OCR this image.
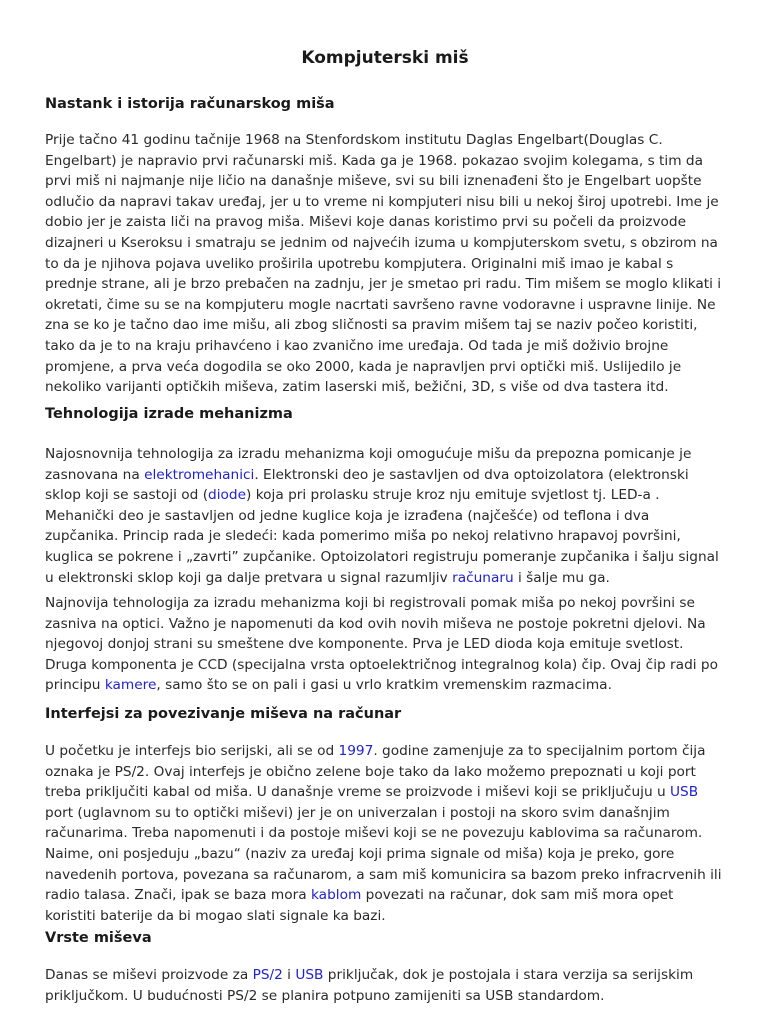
Kompjuterski miš
Nastank i istorija računarskog miša

Prije tačno 41 godinu tačnije 1968 na Stenfordskom institutu Daglas Engelbart(Douglas C. Engelbart) je napravio prvi računarski miš. Kada ga je 1968. pokazao svojim kolegama, s tim da prvi miš ni najmanje nije ličio na današnje miševe, svi su bili iznenađeni što je Engelbart uopšte odlučio da napravi takav uređaj, jer u to vreme ni kompjuteri nisu bili u nekoj široj upotrebi. Ime je dobio jer je zaista liči na pravog miša. Miševi koje danas koristimo prvi su počeli da proizvode dizajneri u Kseroksu i smatraju se jednim od najvećih izuma u kompjuterskom svetu, s obzirom na to da je njihova pojava uveliko proširila upotrebu kompjutera. Originalni miš imao je kabal s prednje strane, ali je brzo prebačen na zadnju, jer je smetao pri radu. Tim mišem se moglo klikati i okretati, čime su se na kompjuteru mogle nacrtati savršeno ravne vodoravne i uspravne linije. Ne zna se ko je tačno dao ime mišu, ali zbog sličnosti sa pravim mišem taj se naziv počeo koristiti, tako da je to na kraju prihavćeno i kao zvanično ime uređaja. Od tada je miš doživio brojne promjene, a prva veća dogodila se oko 2000, kada je napravljen prvi optički miš. Uslijedilo je nekoliko varijanti optičkih miševa, zatim laserski miš, bežični, 3D, s više od dva tastera itd.

Tehnologija izrade mehanizma

Najosnovnija tehnologija za izradu mehanizma koji omogućuje mišu da prepozna pomicanje je zasnovana na elektromehanici. Elektronski deo je sastavljen od dva optoizolatora (elektronski sklop koji se sastoji od (diode) koja pri prolasku struje kroz nju emituje svjetlost tj. LED-a . Mehanički deo je sastavljen od jedne kuglice koja je izrađena (najčešće) od teflona i dva zupčanika. Princip rada je sledeći: kada pomerimo miša po nekoj relativno hrapavoj površini, kuglica se pokrene i „zavrti” zupčanike. Optoizolatori registruju pomeranje zupčanika i šalju signal u elektronski sklop koji ga dalje pretvara u signal razumljiv računaru i šalje mu ga.

Najnovija tehnologija za izradu mehanizma koji bi registrovali pomak miša po nekoj površini se zasniva na optici. Važno je napomenuti da kod ovih novih miševa ne postoje pokretni djelovi. Na njegovoj donjoj strani su smeštene dve komponente. Prva je LED dioda koja emituje svetlost. Druga komponenta je CCD (specijalna vrsta optoelektričnog integralnog kola) čip. Ovaj čip radi po principu kamere, samo što se on pali i gasi u vrlo kratkim vremenskim razmacima.

Interfejsi za povezivanje miševa na računar

U početku je interfejs bio serijski, ali se od 1997. godine zamenjuje za to specijalnim portom čija oznaka je PS/2. Ovaj interfejs je obično zelene boje tako da lako možemo prepoznati u koji port treba priključiti kabal od miša. U današnje vreme se proizvode i miševi koji se priključuju u USB port (uglavnom su to optički miševi) jer je on univerzalan i postoji na skoro svim današnjim računarima. Treba napomenuti i da postoje miševi koji se ne povezuju kablovima sa računarom. Naime, oni posjeduju „bazu“ (naziv za uređaj koji prima signale od miša) koja je preko, gore navedenih portova, povezana sa računarom, a sam miš komunicira sa bazom preko infracrvenih ili radio talasa. Znači, ipak se baza mora kablom povezati na računar, dok sam miš mora opet koristiti baterije da bi mogao slati signale ka bazi.

Vrste miševa

Danas se miševi proizvode za PS/2 i USB priključak, dok je postojala i stara verzija sa serijskim priključkom. U budućnosti PS/2 se planira potpuno zamijeniti sa USB standardom.
